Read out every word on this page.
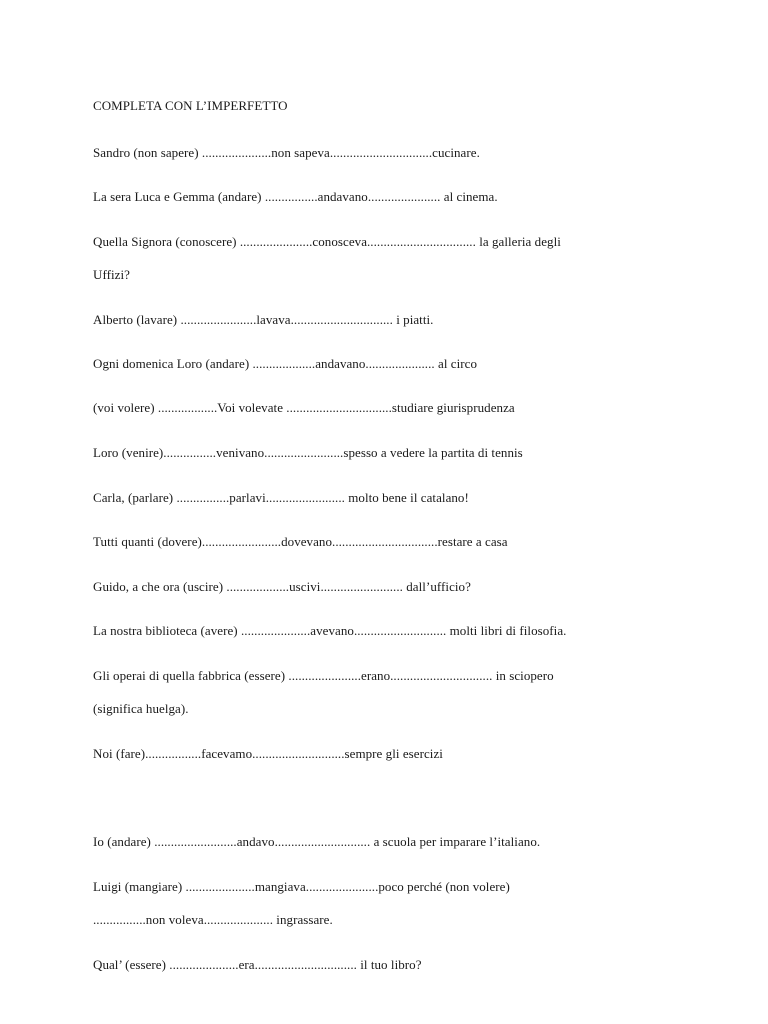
COMPLETA CON L’IMPERFETTO
Sandro (non sapere) .....................non sapeva...............................cucinare.
La sera Luca e Gemma (andare) ................andavano...................... al cinema.
Quella Signora (conoscere) ......................conosceva................................. la galleria degli
Uffizi?
Alberto (lavare) .......................lavava............................... i piatti.
Ogni domenica Loro (andare) ...................andavano..................... al circo
(voi volere) ..................Voi volevate ................................studiare giurisprudenza
Loro (venire)................venivano........................spesso a vedere la partita di tennis
Carla, (parlare) ................parlavi........................ molto bene il catalano!
Tutti quanti (dovere)........................dovevano................................restare a casa
Guido, a che ora (uscire) ...................uscivi......................... dall’ufficio?
La nostra biblioteca (avere) .....................avevano............................ molti libri di filosofia.
Gli operai di quella fabbrica (essere) ......................erano............................... in sciopero
(significa huelga).
Noi (fare).................facevamo............................sempre gli esercizi
Io (andare) .........................andavo............................. a scuola per imparare l’italiano.
Luigi (mangiare) .....................mangiava......................poco perché (non volere)
................non voleva..................... ingrassare.
Qual’ (essere) .....................era............................... il tuo libro?
